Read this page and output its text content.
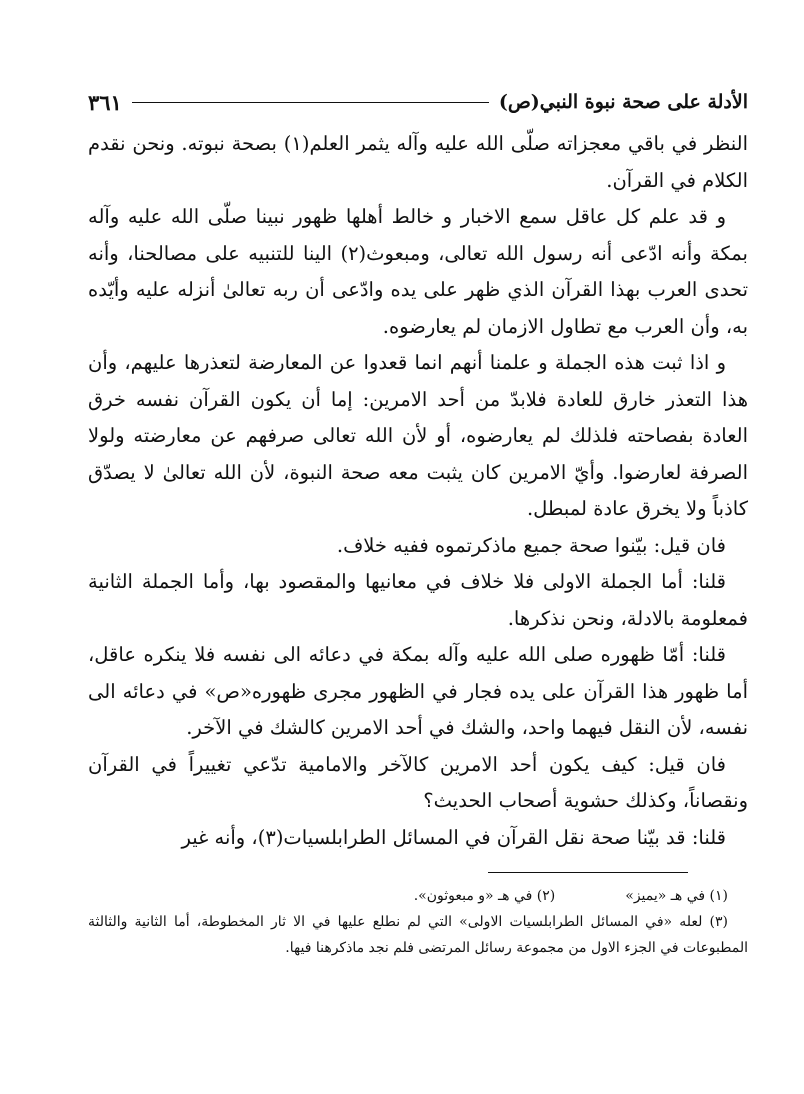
الأدلة على صحة نبوة النبي(ص)
٣٦١

النظر في باقي معجزاته صلّى الله عليه وآله يثمر العلم(١) بصحة نبوته. ونحن نقدم الكلام في القرآن.

و قد علم كل عاقل سمع الاخبار و خالط أهلها ظهور نبينا صلّى الله عليه وآله بمكة وأنه ادّعى أنه رسول الله تعالى، ومبعوث(٢) الينا للتنبيه على مصالحنا، وأنه تحدى العرب بهذا القرآن الذي ظهر على يده وادّعى أن ربه تعالىٰ أنزله عليه وأيّده به، وأن العرب مع تطاول الازمان لم يعارضوه.

و اذا ثبت هذه الجملة و علمنا أنهم انما قعدوا عن المعارضة لتعذرها عليهم، وأن هذا التعذر خارق للعادة فلابدّ من أحد الامرين: إما أن يكون القرآن نفسه خرق العادة بفصاحته فلذلك لم يعارضوه، أو لأن الله تعالى صرفهم عن معارضته ولولا الصرفة لعارضوا. وأيّ الامرين كان يثبت معه صحة النبوة، لأن الله تعالىٰ لا يصدّق كاذباً ولا يخرق عادة لمبطل.

فان قيل: بيّنوا صحة جميع ماذكرتموه ففيه خلاف.

قلنا: أما الجملة الاولى فلا خلاف في معانيها والمقصود بها، وأما الجملة الثانية فمعلومة بالادلة، ونحن نذكرها.

قلنا: أمّا ظهوره صلى الله عليه وآله بمكة في دعائه الى نفسه فلا ينكره عاقل، أما ظهور هذا القرآن على يده فجار في الظهور مجرى ظهوره«ص» في دعائه الى نفسه، لأن النقل فيهما واحد، والشك في أحد الامرين كالشك في الآخر.

فان قيل: كيف يكون أحد الامرين كالآخر والامامية تدّعي تغييراً في القرآن ونقصاناً، وكذلك حشوية أصحاب الحديث؟

قلنا: قد بيّنا صحة نقل القرآن في المسائل الطرابلسيات(٣)، وأنه غير

(١) في هـ «يميز»
(٢) في هـ «و مبعوثون».

(٣) لعله «في المسائل الطرابلسيات الاولى» التي لم نطلع عليها في الا ثار المخطوطة، أما الثانية والثالثة المطبوعات في الجزء الاول من مجموعة رسائل المرتضى فلم نجد ماذكرهنا فيها.
